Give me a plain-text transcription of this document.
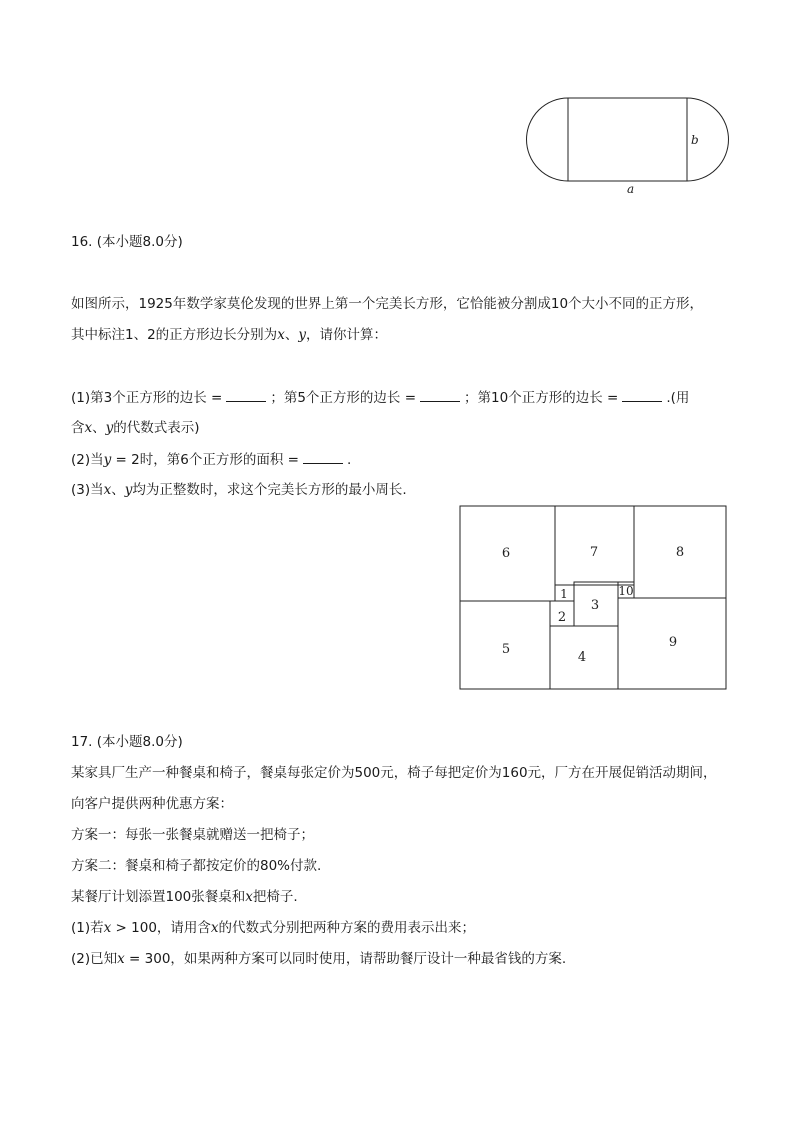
b
a
16. (本小题8.0分)
如图所示，1925年数学家莫伦发现的世界上第一个完美长方形，它恰能被分割成10个大小不同的正方形，
其中标注1、2的正方形边长分别为x、y，请你计算：
(1)第3个正方形的边长 =	；第5个正方形的边长 =	；第10个正方形的边长 =	.(用
含x、y的代数式表示)
(2)当y = 2时，第6个正方形的面积 =	.
(3)当x、y均为正整数时，求这个完美长方形的最小周长.
6	7	8
1
3
10
2
5
4
9
17. (本小题8.0分)
某家具厂生产一种餐桌和椅子，餐桌每张定价为500元，椅子每把定价为160元，厂方在开展促销活动期间，
向客户提供两种优惠方案：
方案一：每张一张餐桌就赠送一把椅子；
方案二：餐桌和椅子都按定价的80%付款.
某餐厅计划添置100张餐桌和x把椅子.
(1)若x > 100，请用含x的代数式分别把两种方案的费用表示出来；
(2)已知x = 300，如果两种方案可以同时使用，请帮助餐厅设计一种最省钱的方案.
